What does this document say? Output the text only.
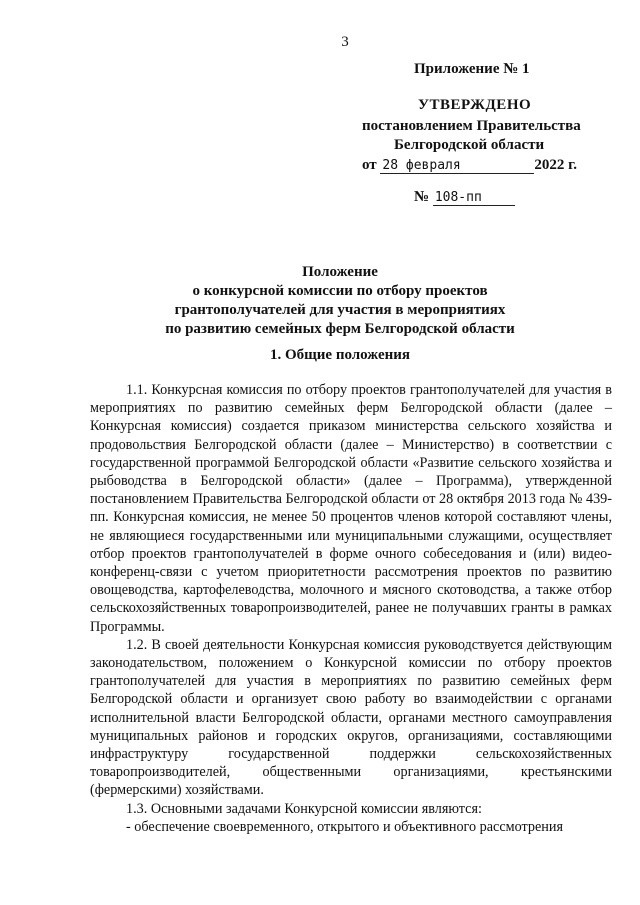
3
Приложение № 1
УТВЕРЖДЕНО
постановлением Правительства
Белгородской области
от 28 февраля	2022 г.
№ 108-пп
Положение
о конкурсной комиссии по отбору проектов
грантополучателей для участия в мероприятиях
по развитию семейных ферм Белгородской области
1. Общие положения

1.1. Конкурсная комиссия по отбору проектов грантополучателей для участия в мероприятиях по развитию семейных ферм Белгородской области (далее – Конкурсная комиссия) создается приказом министерства сельского хозяйства и продовольствия Белгородской области (далее – Министерство) в соответствии с государственной программой Белгородской области «Развитие сельского хозяйства и рыбоводства в Белгородской области» (далее – Программа), утвержденной постановлением Правительства Белгородской области от 28 октября 2013 года № 439-пп. Конкурсная комиссия, не менее 50 процентов членов которой составляют члены, не являющиеся государственными или муниципальными служащими, осуществляет отбор проектов грантополучателей в форме очного собеседования и (или) видео-конференц-связи с учетом приоритетности рассмотрения проектов по развитию овощеводства, картофелеводства, молочного и мясного скотоводства, а также отбор сельскохозяйственных товаропроизводителей, ранее не получавших гранты в рамках Программы.

1.2. В своей деятельности Конкурсная комиссия руководствуется действующим законодательством, положением о Конкурсной комиссии по отбору проектов грантополучателей для участия в мероприятиях по развитию семейных ферм Белгородской области и организует свою работу во взаимодействии с органами исполнительной власти Белгородской области, органами местного самоуправления муниципальных районов и городских округов, организациями, составляющими инфраструктуру государственной поддержки сельскохозяйственных товаропроизводителей, общественными организациями, крестьянскими (фермерскими) хозяйствами.

1.3. Основными задачами Конкурсной комиссии являются:

- обеспечение своевременного, открытого и объективного рассмотрения
